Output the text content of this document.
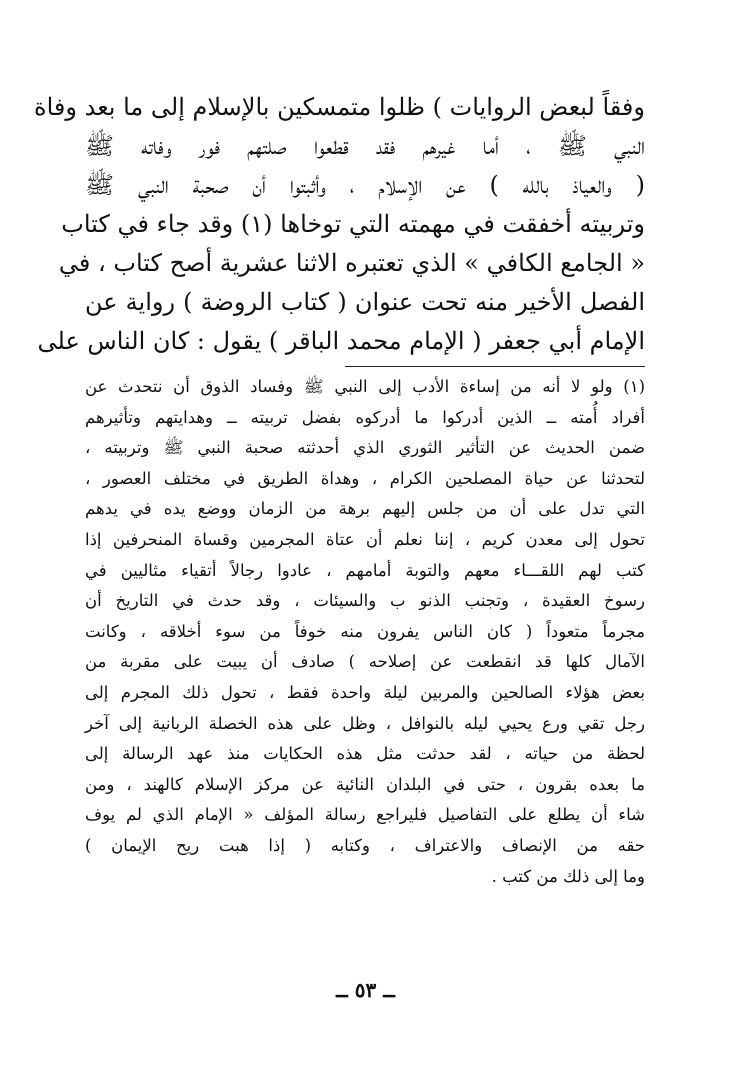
وفقاً لبعض الروايات ) ظلوا متمسكين بالإسلام إلى ما بعد وفاة
النبي ﷺ ، أما غيرهم فقد قطعوا صلتهم فور وفاته ﷺ
( والعياذ بالله ) عن الإسلام ، وأثبتوا أن صحبة النبي ﷺ
وتربيته أخفقت في مهمته التي توخاها (١) وقد جاء في كتاب
« الجامع الكافي » الذي تعتبره الاثنا عشرية أصح كتاب ، في
الفصل الأخير منه تحت عنوان ( كتاب الروضة ) رواية عن
الإمام أبي جعفر ( الإمام محمد الباقر ) يقول : كان الناس على
(١) ولو لا أنه من إساءة الأدب إلى النبي ﷺ وفساد الذوق أن نتحدث عن
أفراد أُمته ــ الذين أدركوا ما أدركوه بفضل تربيته ــ وهدايتهم وتأثيرهم
ضمن الحديث عن التأثير الثوري الذي أحدثته صحبة النبي ﷺ وتربيته ،
لتحدثنا عن حياة المصلحين الكرام ، وهداة الطريق في مختلف العصور ،
التي تدل على أن من جلس إليهم برهة من الزمان ووضع يده في يدهم
تحول إلى معدن كريم ، إننا نعلم أن عتاة المجرمين وقساة المنحرفين إذا
كتب لهم اللقـــاء معهم والتوبة أمامهم ، عادوا رجالاً أتقياء مثاليين في
رسوخ العقيدة ، وتجنب الذنو ب والسيئات ، وقد حدث في التاريخ أن
مجرماً متعوداً ( كان الناس يفرون منه خوفاً من سوء أخلاقه ، وكانت
الآمال كلها قد انقطعت عن إصلاحه ) صادف أن يبيت على مقربة من
بعض هؤلاء الصالحين والمربين ليلة واحدة فقط ، تحول ذلك المجرم إلى
رجل تقي ورع يحيي ليله بالنوافل ، وظل على هذه الخصلة الربانية إلى آخر
لحظة من حياته ، لقد حدثت مثل هذه الحكايات منذ عهد الرسالة إلى
ما بعده بقرون ، حتى في البلدان النائية عن مركز الإسلام كالهند ، ومن
شاء أن يطلع على التفاصيل فليراجع رسالة المؤلف « الإمام الذي لم يوف
حقه من الإنصاف والاعتراف ، وكتابه ( إذا هبت ريح الإيمان )
وما إلى ذلك من كتب .
ــ ٥٣ ــ
